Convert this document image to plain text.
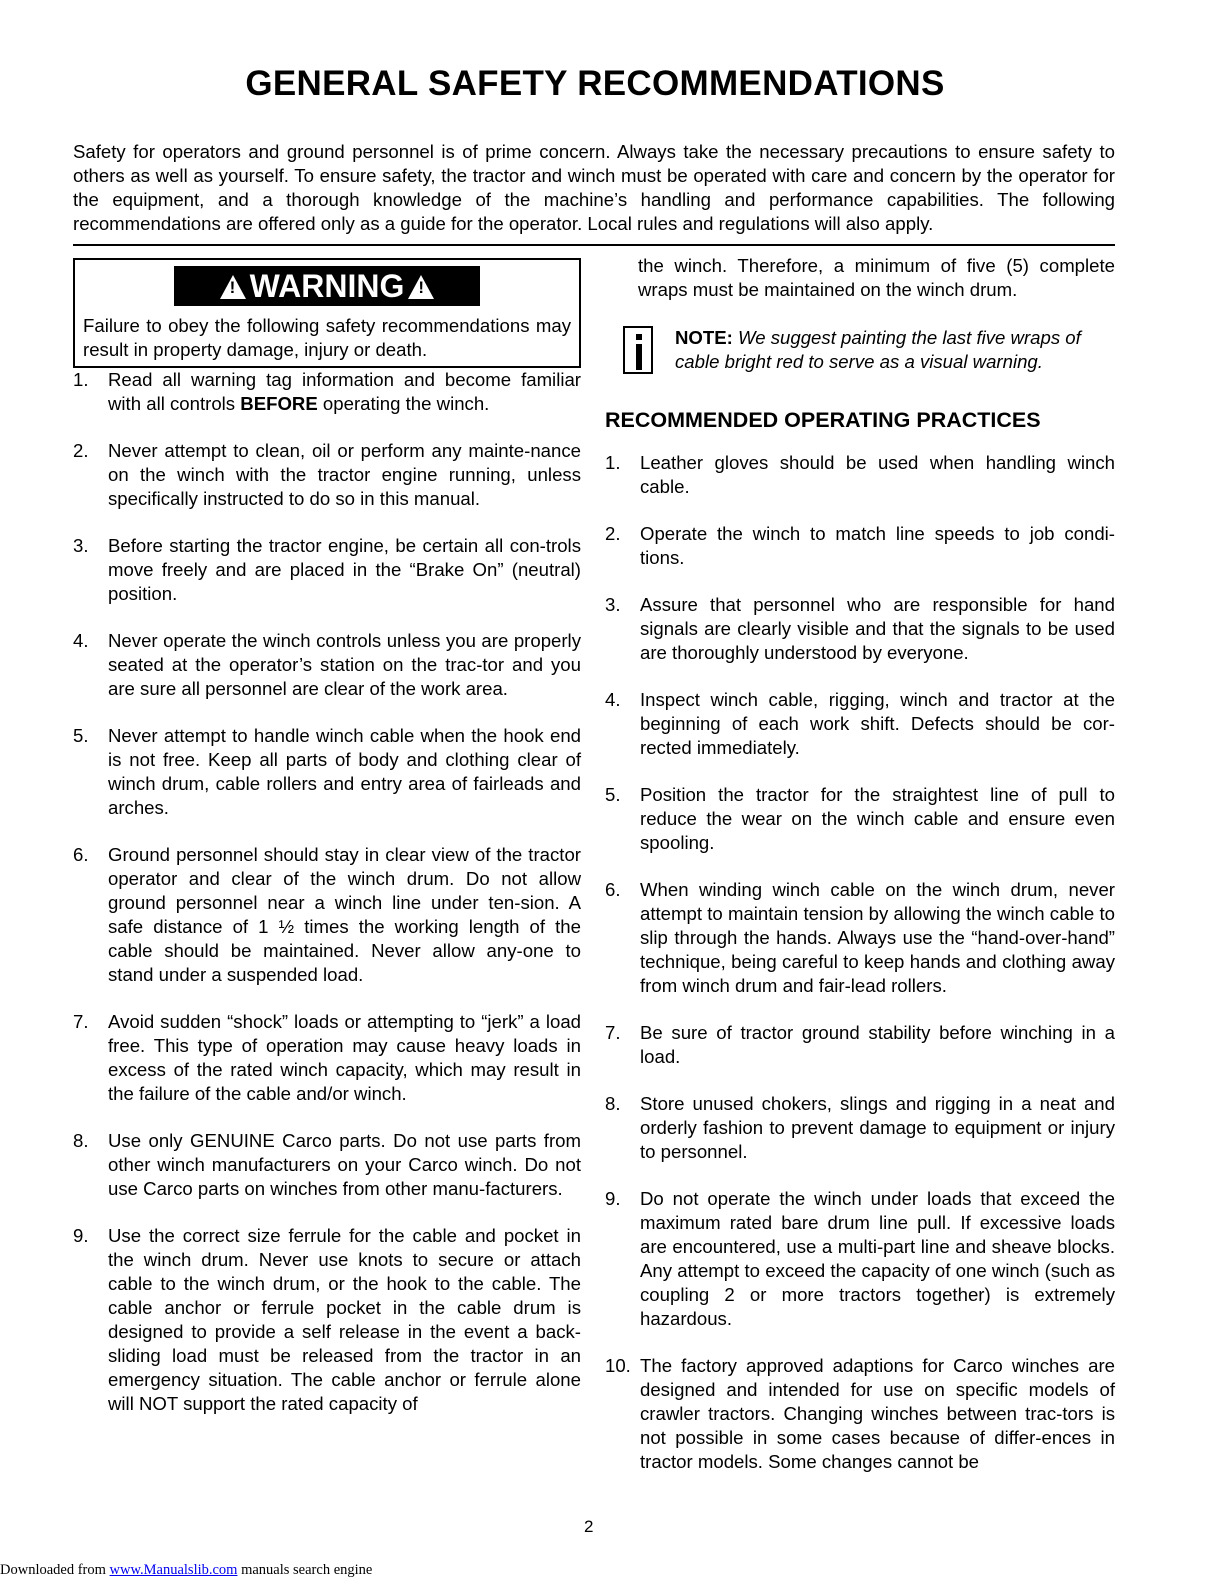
GENERAL SAFETY RECOMMENDATIONS

Safety for operators and ground personnel is of prime concern. Always take the necessary precautions to ensure safety to others as well as yourself. To ensure safety, the tractor and winch must be operated with care and concern by the operator for the equipment, and a thorough knowledge of the machine’s handling and performance capabilities. The following recommendations are offered only as a guide for the operator. Local rules and regulations will also apply.

!WARNING!
Failure to obey the following safety recommendations may result in property damage, injury or death.
1. Read all warning tag information and become familiar with all controls BEFORE operating the winch.
2. Never attempt to clean, oil or perform any mainte-nance on the winch with the tractor engine running, unless specifically instructed to do so in this manual.
3. Before starting the tractor engine, be certain all con-trols move freely and are placed in the “Brake On” (neutral) position.
4. Never operate the winch controls unless you are properly seated at the operator’s station on the trac-tor and you are sure all personnel are clear of the work area.
5. Never attempt to handle winch cable when the hook end is not free. Keep all parts of body and clothing clear of winch drum, cable rollers and entry area of fairleads and arches.
6. Ground personnel should stay in clear view of the tractor operator and clear of the winch drum. Do not allow ground personnel near a winch line under ten-sion. A safe distance of 1 ½ times the working length of the cable should be maintained. Never allow any-one to stand under a suspended load.
7. Avoid sudden “shock” loads or attempting to “jerk” a load free. This type of operation may cause heavy loads in excess of the rated winch capacity, which may result in the failure of the cable and/or winch.
8. Use only GENUINE Carco parts. Do not use parts from other winch manufacturers on your Carco winch. Do not use Carco parts on winches from other manu-facturers.
9. Use the correct size ferrule for the cable and pocket in the winch drum. Never use knots to secure or attach cable to the winch drum, or the hook to the cable. The cable anchor or ferrule pocket in the cable drum is designed to provide a self release in the event a back-sliding load must be released from the tractor in an emergency situation. The cable anchor or ferrule alone will NOT support the rated capacity of
the winch. Therefore, a minimum of five (5) complete wraps must be maintained on the winch drum.
NOTE: We suggest painting the last five wraps of cable bright red to serve as a visual warning.
RECOMMENDED OPERATING PRACTICES
1. Leather gloves should be used when handling winch cable.
2. Operate the winch to match line speeds to job condi-tions.
3. Assure that personnel who are responsible for hand signals are clearly visible and that the signals to be used are thoroughly understood by everyone.
4. Inspect winch cable, rigging, winch and tractor at the beginning of each work shift. Defects should be cor-rected immediately.
5. Position the tractor for the straightest line of pull to reduce the wear on the winch cable and ensure even spooling.
6. When winding winch cable on the winch drum, never attempt to maintain tension by allowing the winch cable to slip through the hands. Always use the “hand-over-hand” technique, being careful to keep hands and clothing away from winch drum and fair-lead rollers.
7. Be sure of tractor ground stability before winching in a load.
8. Store unused chokers, slings and rigging in a neat and orderly fashion to prevent damage to equipment or injury to personnel.
9. Do not operate the winch under loads that exceed the maximum rated bare drum line pull. If excessive loads are encountered, use a multi-part line and sheave blocks. Any attempt to exceed the capacity of one winch (such as coupling 2 or more tractors together) is extremely hazardous.
10. The factory approved adaptions for Carco winches are designed and intended for use on specific models of crawler tractors. Changing winches between trac-tors is not possible in some cases because of differ-ences in tractor models. Some changes cannot be
2
Downloaded from www.Manualslib.com manuals search engine
